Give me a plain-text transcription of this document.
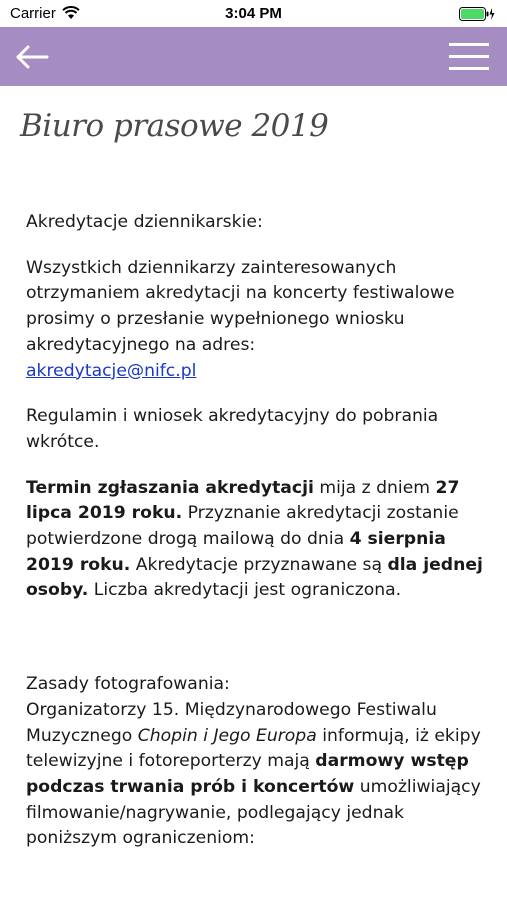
Carrier	3:04 PM
Biuro prasowe 2019

Akredytacje dziennikarskie:

Wszystkich dziennikarzy zainteresowanych otrzymaniem akredytacji na koncerty festiwalowe prosimy o przesłanie wypełnionego wniosku akredytacyjnego na adres:
akredytacje@nifc.pl

Regulamin i wniosek akredytacyjny do pobrania wkrótce.

Termin zgłaszania akredytacji mija z dniem 27 lipca 2019 roku. Przyznanie akredytacji zostanie potwierdzone drogą mailową do dnia 4 sierpnia 2019 roku. Akredytacje przyznawane są dla jednej osoby. Liczba akredytacji jest ograniczona.

Zasady fotografowania:

Organizatorzy 15. Międzynarodowego Festiwalu Muzycznego Chopin i Jego Europa informują, iż ekipy telewizyjne i fotoreporterzy mają darmowy wstęp podczas trwania prób i koncertów umożliwiający filmowanie/nagrywanie, podlegający jednak poniższym ograniczeniom:
